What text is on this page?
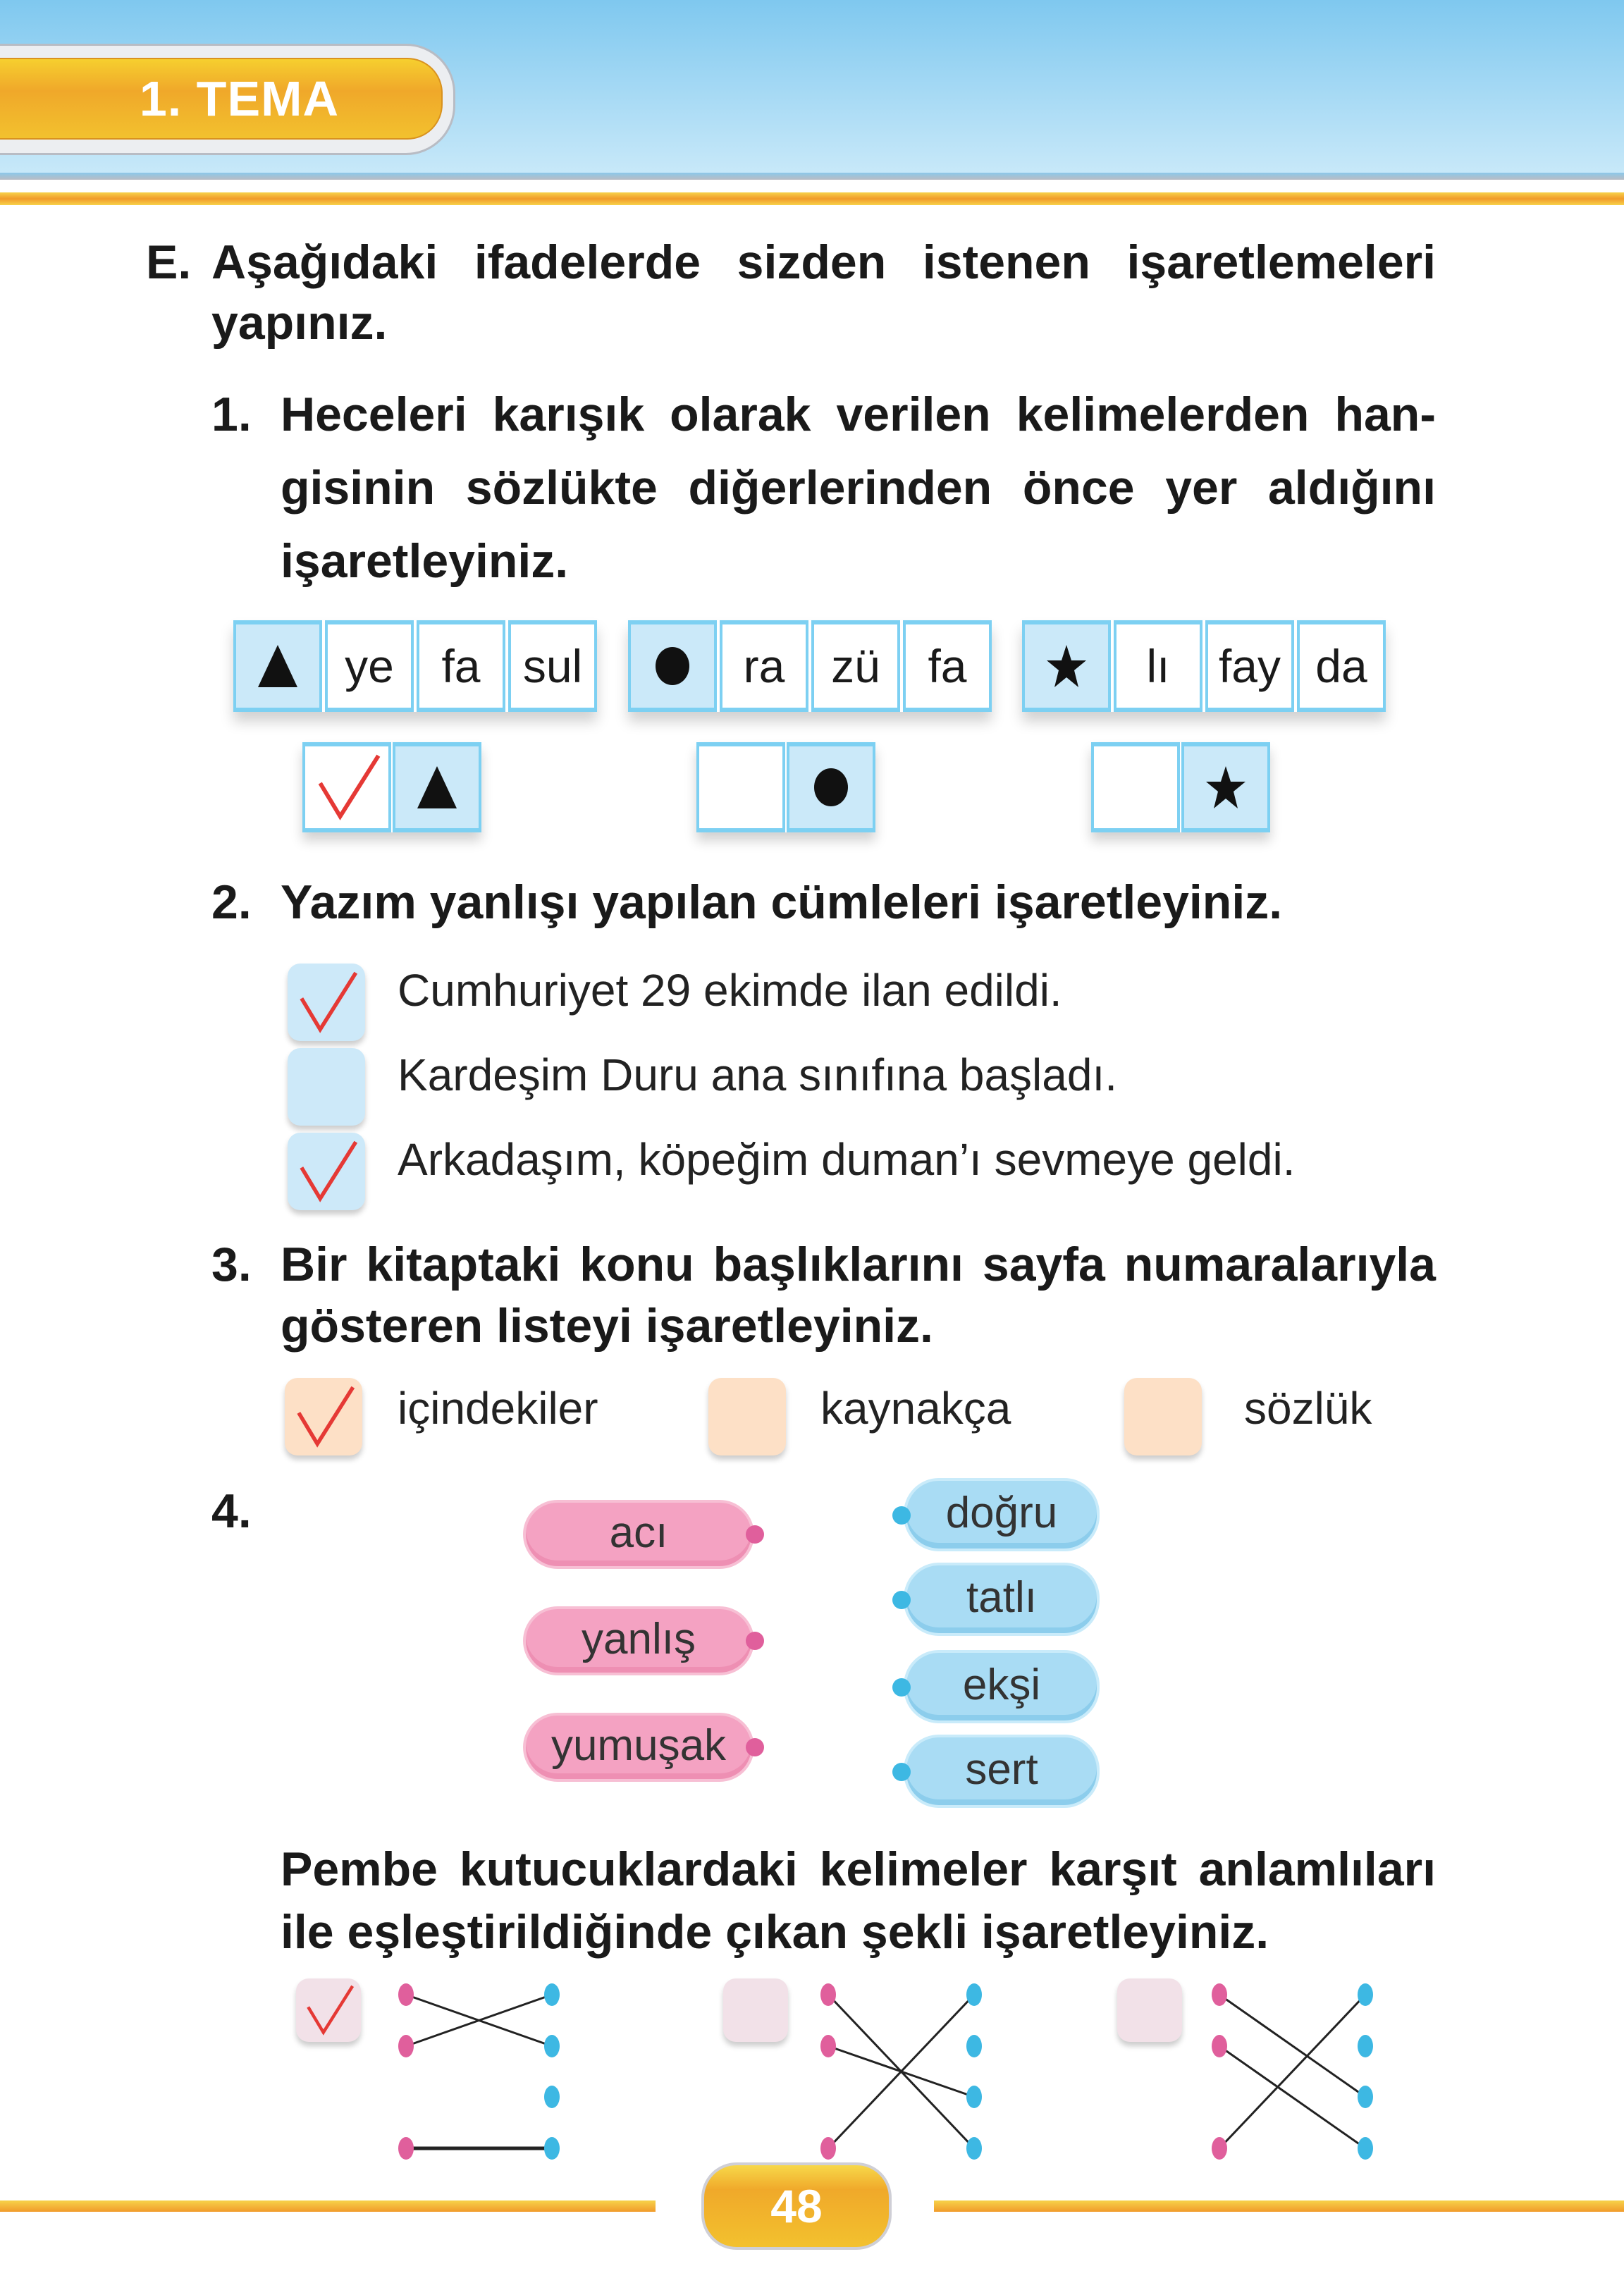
1. TEMA
E. Aşağıdaki ifadelerde sizden istenen işaretlemeleri
yapınız.
1. Heceleri karışık olarak verilen kelimelerden han-
gisinin sözlükte diğerlerinden önce yer aldığını
işaretleyiniz.
ye	fa sul	ra zü	fa	lı	fay da
2. Yazım yanlışı yapılan cümleleri işaretleyiniz.
Cumhuriyet 29 ekimde ilan edildi.
Kardeşim Duru ana sınıfına başladı.
Arkadaşım, köpeğim duman’ı sevmeye geldi.
3. Bir kitaptaki konu başlıklarını sayfa numaralarıyla
gösteren listeyi işaretleyiniz.
içindekiler	kaynakça	sözlük
4.	acı
yanlış
yumuşak
doğru
tatlı
ekşi
sert
Pembe kutucuklardaki kelimeler karşıt anlamlıları
ile eşleştirildiğinde çıkan şekli işaretleyiniz.
48
